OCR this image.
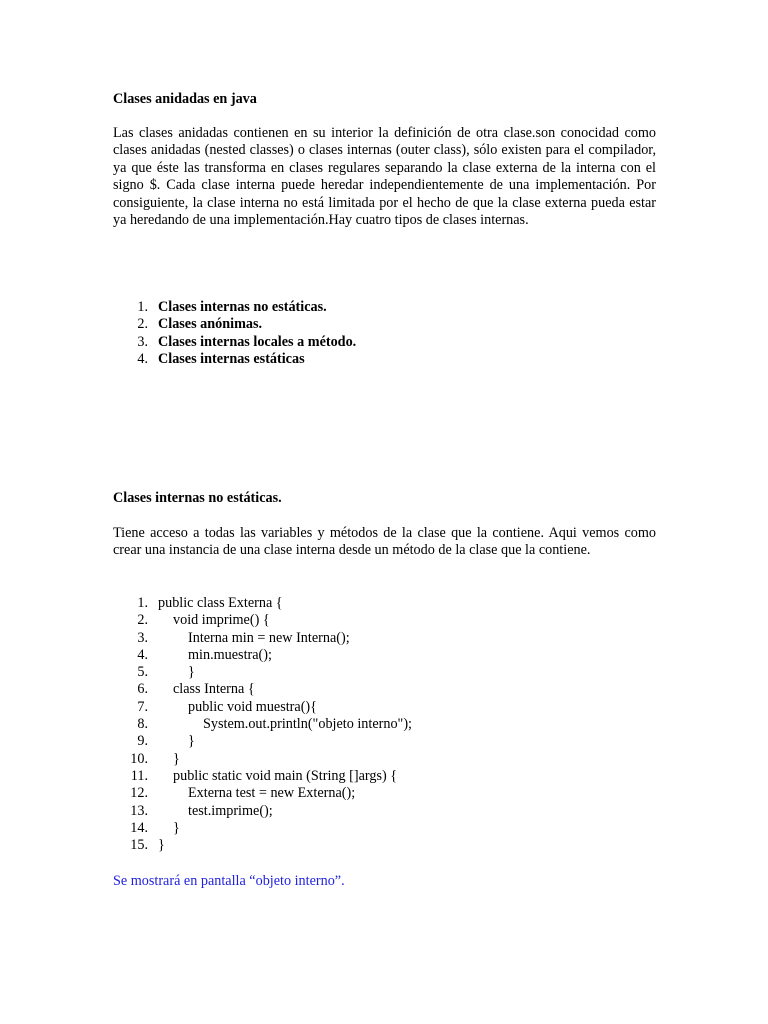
Clases anidadas en java

Las clases anidadas contienen en su interior la definición de otra clase.son conocidad como clases anidadas (nested classes) o clases internas (outer class), sólo existen para el compilador, ya que éste las transforma en clases regulares separando la clase externa de la interna con el signo $. Cada clase interna puede heredar independientemente de una implementación. Por consiguiente, la clase interna no está limitada por el hecho de que la clase externa pueda estar ya heredando de una implementación.Hay cuatro tipos de clases internas.

1. Clases internas no estáticas.
2. Clases anónimas.
3. Clases internas locales a método.
4. Clases internas estáticas

Clases internas no estáticas.

Tiene acceso a todas las variables y métodos de la clase que la contiene. Aqui vemos como crear una instancia de una clase interna desde un método de la clase que la contiene.

1. public class Externa {
2.	void imprime() {
3.	Interna min = new Interna();
4.	min.muestra();
5.	}
6.	class Interna {
7.	public void muestra(){
8.	System.out.println("objeto interno");
9.	}
10.	}
11.	public static void main (String []args) {
12.	Externa test = new Externa();
13.	test.imprime();
14.	}
15. }

Se mostrará en pantalla “objeto interno”.
